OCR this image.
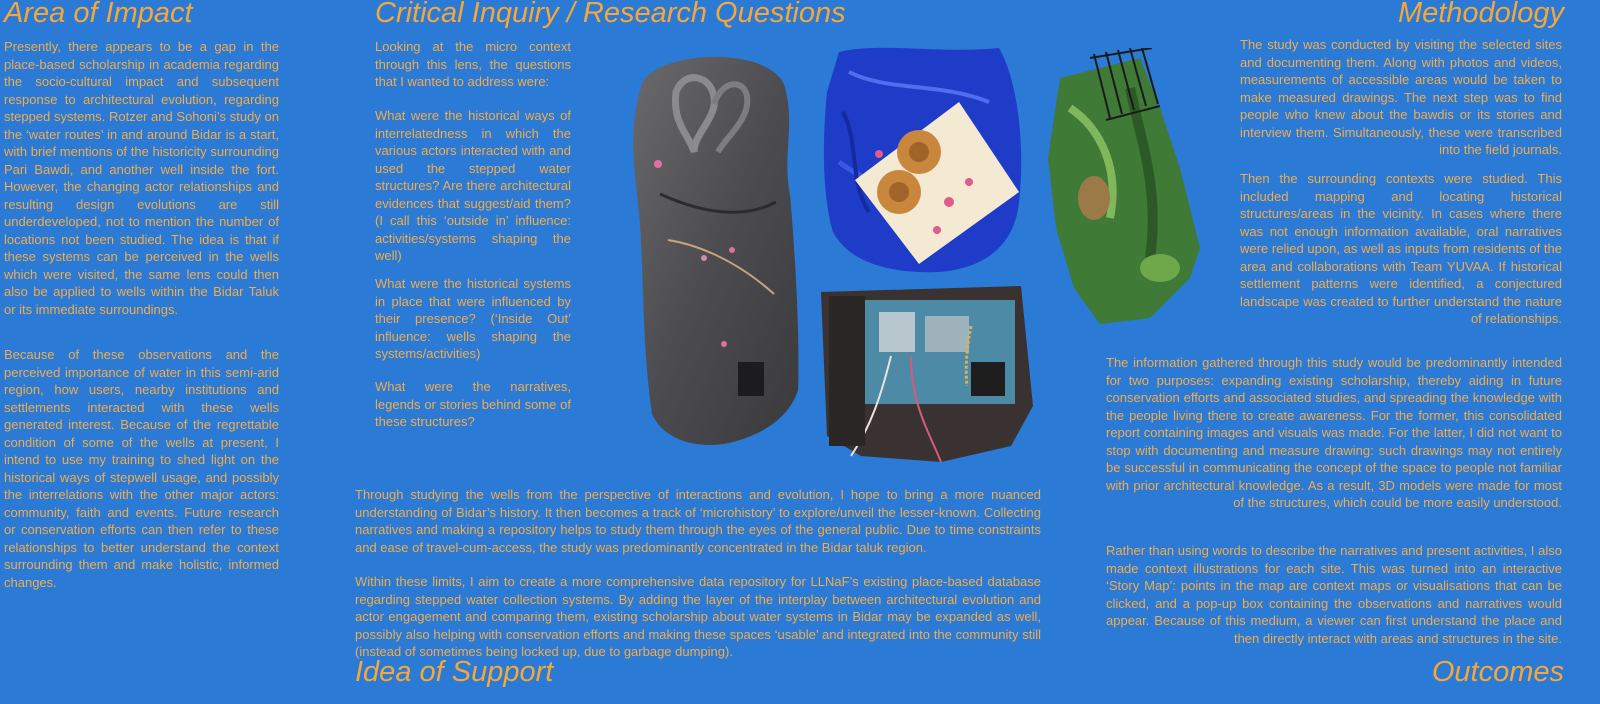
Area of Impact	Critical Inquiry / Research Questions	Methodology
Idea of Support	Outcomes

Presently, there appears to be a gap in the place-based scholarship in academia regarding the socio-cultural impact and subsequent response to architectural evolution, regarding stepped systems. Rotzer and Sohoni’s study on the ‘water routes’ in and around Bidar is a start, with brief mentions of the historicity surrounding Pari Bawdi, and another well inside the fort. However, the changing actor relationships and resulting design evolutions are still underdeveloped, not to mention the number of locations not been studied. The idea is that if these systems can be perceived in the wells which were visited, the same lens could then also be applied to wells within the Bidar Taluk or its immediate surroundings.

Because of these observations and the perceived importance of water in this semi-arid region, how users, nearby institutions and settlements interacted with these wells generated interest. Because of the regrettable condition of some of the wells at present, I intend to use my training to shed light on the historical ways of stepwell usage, and possibly the interrelations with the other major actors: community, faith and events. Future research or conservation efforts can then refer to these relationships to better understand the context surrounding them and make holistic, informed changes.

Looking at the micro context through this lens, the questions that I wanted to address were:

What were the historical ways of interrelatedness in which the various actors interacted with and used the stepped water structures? Are there architectural evidences that suggest/aid them? (I call this ‘outside in’ influence: activities/systems shaping the well)

What were the historical systems in place that were influenced by their presence? (‘Inside Out’ influence: wells shaping the systems/activities)

What were the narratives, legends or stories behind some of these structures?

Through studying the wells from the perspective of interactions and evolution, I hope to bring a more nuanced understanding of Bidar’s history. It then becomes a track of ‘microhistory’ to explore/unveil the lesser-known. Collecting narratives and making a repository helps to study them through the eyes of the general public. Due to time constraints and ease of travel-cum-access, the study was predominantly concentrated in the Bidar taluk region.

Within these limits, I aim to create a more comprehensive data repository for LLNaF’s existing place-based database regarding stepped water collection systems. By adding the layer of the interplay between architectural evolution and actor engagement and comparing them, existing scholarship about water systems in Bidar may be expanded as well, possibly also helping with conservation efforts and making these spaces ‘usable’ and integrated into the community still (instead of sometimes being locked up, due to garbage dumping).

The study was conducted by visiting the selected sites and documenting them. Along with photos and videos, measurements of accessible areas would be taken to make measured drawings. The next step was to find people who knew about the bawdis or its stories and interview them. Simultaneously, these were transcribed into the field journals.

Then the surrounding contexts were studied. This included mapping and locating historical structures/areas in the vicinity. In cases where there was not enough information available, oral narratives were relied upon, as well as inputs from residents of the area and collaborations with Team YUVAA. If historical settlement patterns were identified, a conjectured landscape was created to further understand the nature of relationships.

The information gathered through this study would be predominantly intended for two purposes: expanding existing scholarship, thereby aiding in future conservation efforts and associated studies, and spreading the knowledge with the people living there to create awareness. For the former, this consolidated report containing images and visuals was made. For the latter, I did not want to stop with documenting and measure drawing: such drawings may not entirely be successful in communicating the concept of the space to people not familiar with prior architectural knowledge. As a result, 3D models were made for most of the structures, which could be more easily understood.

Rather than using words to describe the narratives and present activities, I also made context illustrations for each site. This was turned into an interactive ‘Story Map’: points in the map are context maps or visualisations that can be clicked, and a pop-up box containing the observations and narratives would appear. Because of this medium, a viewer can first understand the place and then directly interact with areas and structures in the site.
